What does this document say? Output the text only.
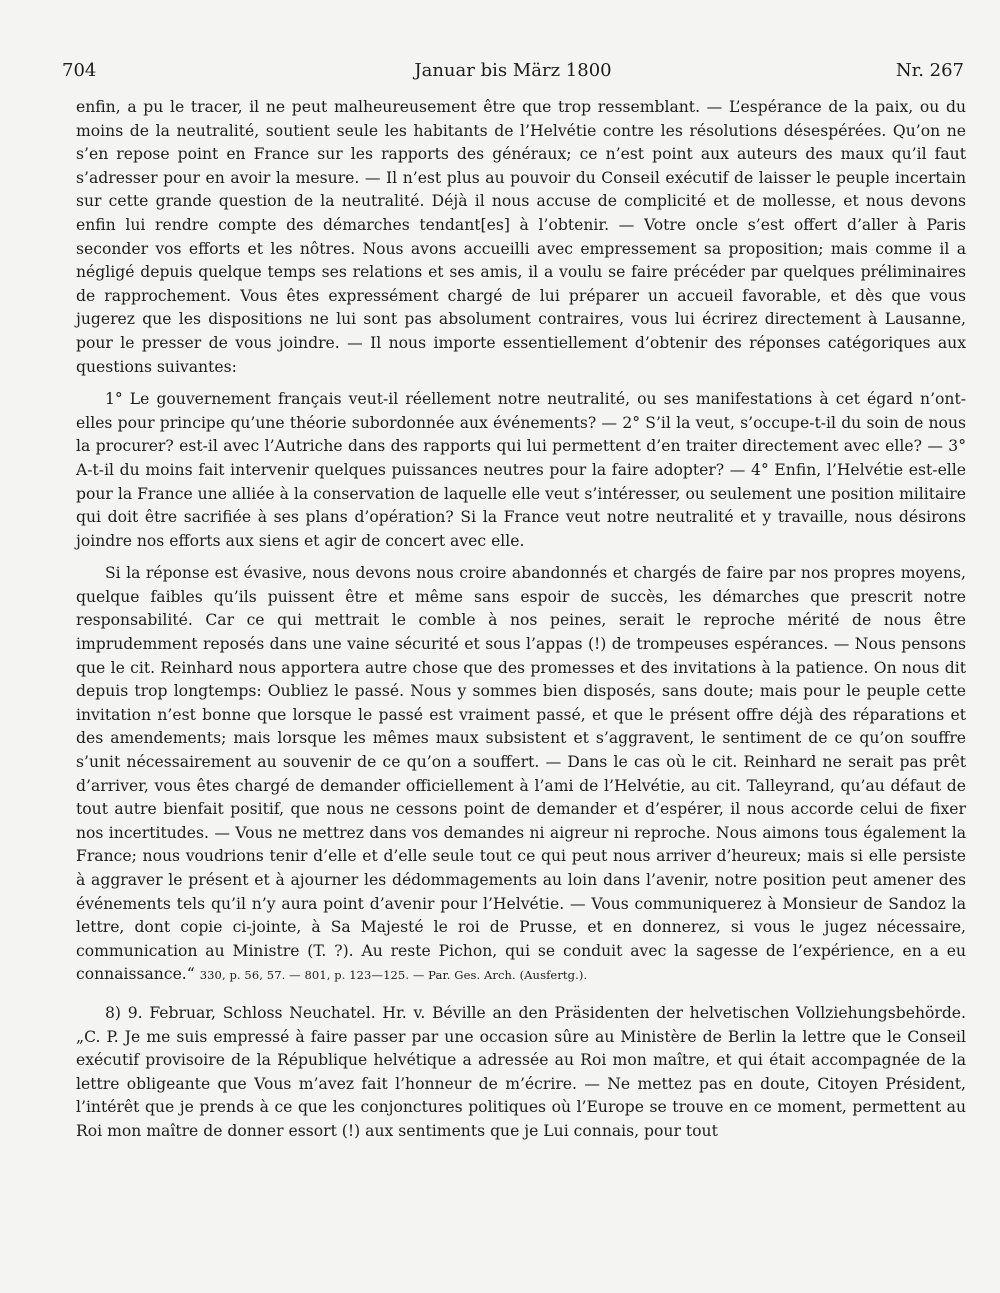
704	Januar bis März 1800	Nr. 267

enfin, a pu le tracer, il ne peut malheureusement être que trop ressemblant. — L’espérance de la paix, ou du moins de la neutralité, soutient seule les habitants de l’Helvétie contre les résolutions désespérées. Qu’on ne s’en repose point en France sur les rapports des généraux; ce n’est point aux auteurs des maux qu’il faut s’adresser pour en avoir la mesure. — Il n’est plus au pouvoir du Conseil exécutif de laisser le peuple incertain sur cette grande question de la neutralité. Déjà il nous accuse de complicité et de mollesse, et nous devons enfin lui rendre compte des démarches tendant[es] à l’obtenir. — Votre oncle s’est offert d’aller à Paris seconder vos efforts et les nôtres. Nous avons accueilli avec empressement sa proposition; mais comme il a négligé depuis quelque temps ses relations et ses amis, il a voulu se faire précéder par quelques préliminaires de rapprochement. Vous êtes expressément chargé de lui préparer un accueil favorable, et dès que vous jugerez que les dispositions ne lui sont pas absolument contraires, vous lui écrirez directement à Lausanne, pour le presser de vous joindre. — Il nous importe essentiellement d’obtenir des réponses catégoriques aux questions suivantes:

1° Le gouvernement français veut-il réellement notre neutralité, ou ses manifestations à cet égard n’ont-elles pour principe qu’une théorie subordonnée aux événements? — 2° S’il la veut, s’occupe-t-il du soin de nous la procurer? est-il avec l’Autriche dans des rapports qui lui permettent d’en traiter directement avec elle? — 3° A-t-il du moins fait intervenir quelques puissances neutres pour la faire adopter? — 4° Enfin, l’Helvétie est-elle pour la France une alliée à la conservation de laquelle elle veut s’intéresser, ou seulement une position militaire qui doit être sacrifiée à ses plans d’opération? Si la France veut notre neutralité et y travaille, nous désirons joindre nos efforts aux siens et agir de concert avec elle.

Si la réponse est évasive, nous devons nous croire abandonnés et chargés de faire par nos propres moyens, quelque faibles qu’ils puissent être et même sans espoir de succès, les démarches que prescrit notre responsabilité. Car ce qui mettrait le comble à nos peines, serait le reproche mérité de nous être imprudemment reposés dans une vaine sécurité et sous l’appas (!) de trompeuses espérances. — Nous pensons que le cit. Reinhard nous apportera autre chose que des promesses et des invitations à la patience. On nous dit depuis trop longtemps: Oubliez le passé. Nous y sommes bien disposés, sans doute; mais pour le peuple cette invitation n’est bonne que lorsque le passé est vraiment passé, et que le présent offre déjà des réparations et des amendements; mais lorsque les mêmes maux subsistent et s’aggravent, le sentiment de ce qu’on souffre s’unit nécessairement au souvenir de ce qu’on a souffert. — Dans le cas où le cit. Reinhard ne serait pas prêt d’arriver, vous êtes chargé de demander officiellement à l’ami de l’Helvétie, au cit. Talleyrand, qu’au défaut de tout autre bienfait positif, que nous ne cessons point de demander et d’espérer, il nous accorde celui de fixer nos incertitudes. — Vous ne mettrez dans vos demandes ni aigreur ni reproche. Nous aimons tous également la France; nous voudrions tenir d’elle et d’elle seule tout ce qui peut nous arriver d’heureux; mais si elle persiste à aggraver le présent et à ajourner les dédommagements au loin dans l’avenir, notre position peut amener des événements tels qu’il n’y aura point d’avenir pour l’Helvétie. — Vous communiquerez à Monsieur de Sandoz la lettre, dont copie ci-jointe, à Sa Majesté le roi de Prusse, et en donnerez, si vous le jugez nécessaire, communication au Ministre (T. ?). Au reste Pichon, qui se conduit avec la sagesse de l’expérience, en a eu connaissance.“ 330, p. 56, 57. — 801, p. 123—125. — Par. Ges. Arch. (Ausfertg.).

8) 9. Februar, Schloss Neuchatel. Hr. v. Béville an den Präsidenten der helvetischen Vollziehungsbehörde. „C. P. Je me suis empressé à faire passer par une occasion sûre au Ministère de Berlin la lettre que le Conseil exécutif provisoire de la République helvétique a adressée au Roi mon maître, et qui était accompagnée de la lettre obligeante que Vous m’avez fait l’honneur de m’écrire. — Ne mettez pas en doute, Citoyen Président, l’intérêt que je prends à ce que les conjonctures politiques où l’Europe se trouve en ce moment, permettent au Roi mon maître de donner essort (!) aux sentiments que je Lui connais, pour tout
